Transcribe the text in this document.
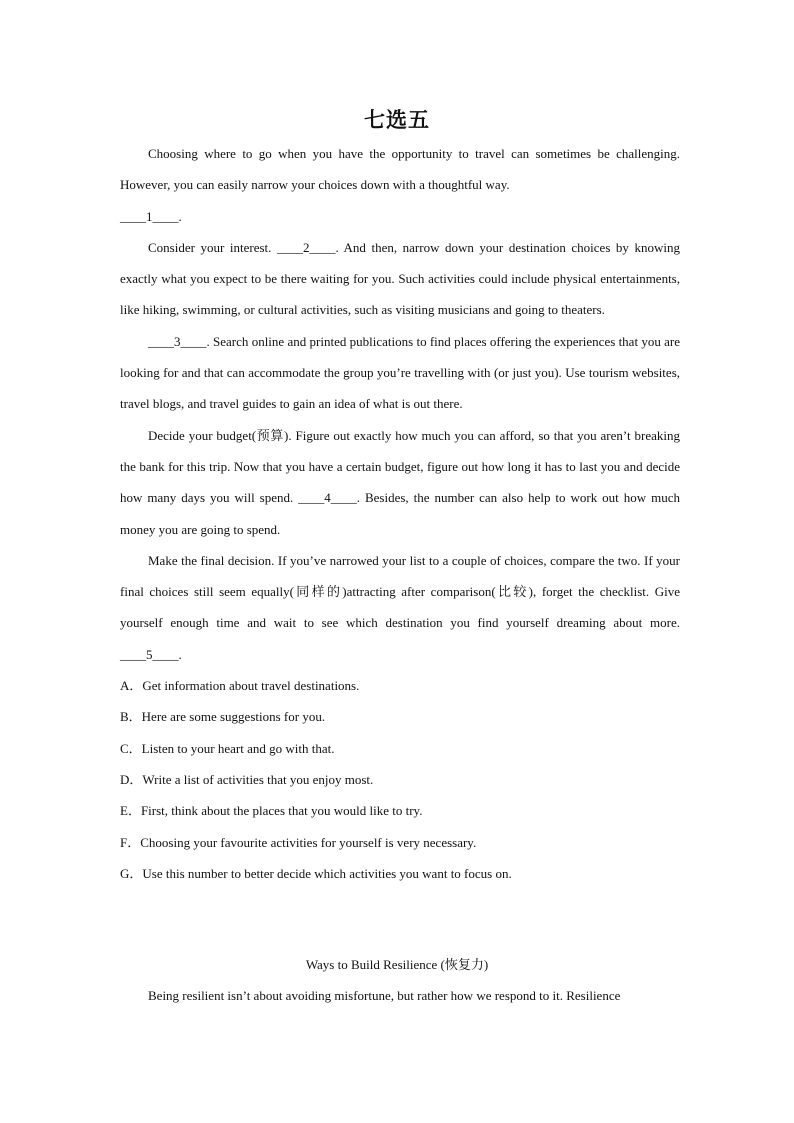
七选五

Choosing where to go when you have the opportunity to travel can sometimes be challenging. However, you can easily narrow your choices down with a thoughtful way.

____1____.

Consider your interest. ____2____. And then, narrow down your destination choices by knowing exactly what you expect to be there waiting for you. Such activities could include physical entertainments, like hiking, swimming, or cultural activities, such as visiting musicians and going to theaters.

____3____. Search online and printed publications to find places offering the experiences that you are looking for and that can accommodate the group you’re travelling with (or just you). Use tourism websites, travel blogs, and travel guides to gain an idea of what is out there.

Decide your budget(预算). Figure out exactly how much you can afford, so that you aren’t breaking the bank for this trip. Now that you have a certain budget, figure out how long it has to last you and decide how many days you will spend. ____4____. Besides, the number can also help to work out how much money you are going to spend.

Make the final decision. If you’ve narrowed your list to a couple of choices, compare the two. If your final choices still seem equally(同样的)attracting after comparison(比较), forget the checklist. Give yourself enough time and wait to see which destination you find yourself dreaming about more. ____5____.

A．Get information about travel destinations.

B．Here are some suggestions for you.

C．Listen to your heart and go with that.

D．Write a list of activities that you enjoy most.

E．First, think about the places that you would like to try.

F．Choosing your favourite activities for yourself is very necessary.

G．Use this number to better decide which activities you want to focus on.

Ways to Build Resilience (恢复力)
Being resilient isn’t about avoiding misfortune, but rather how we respond to it. Resilience
